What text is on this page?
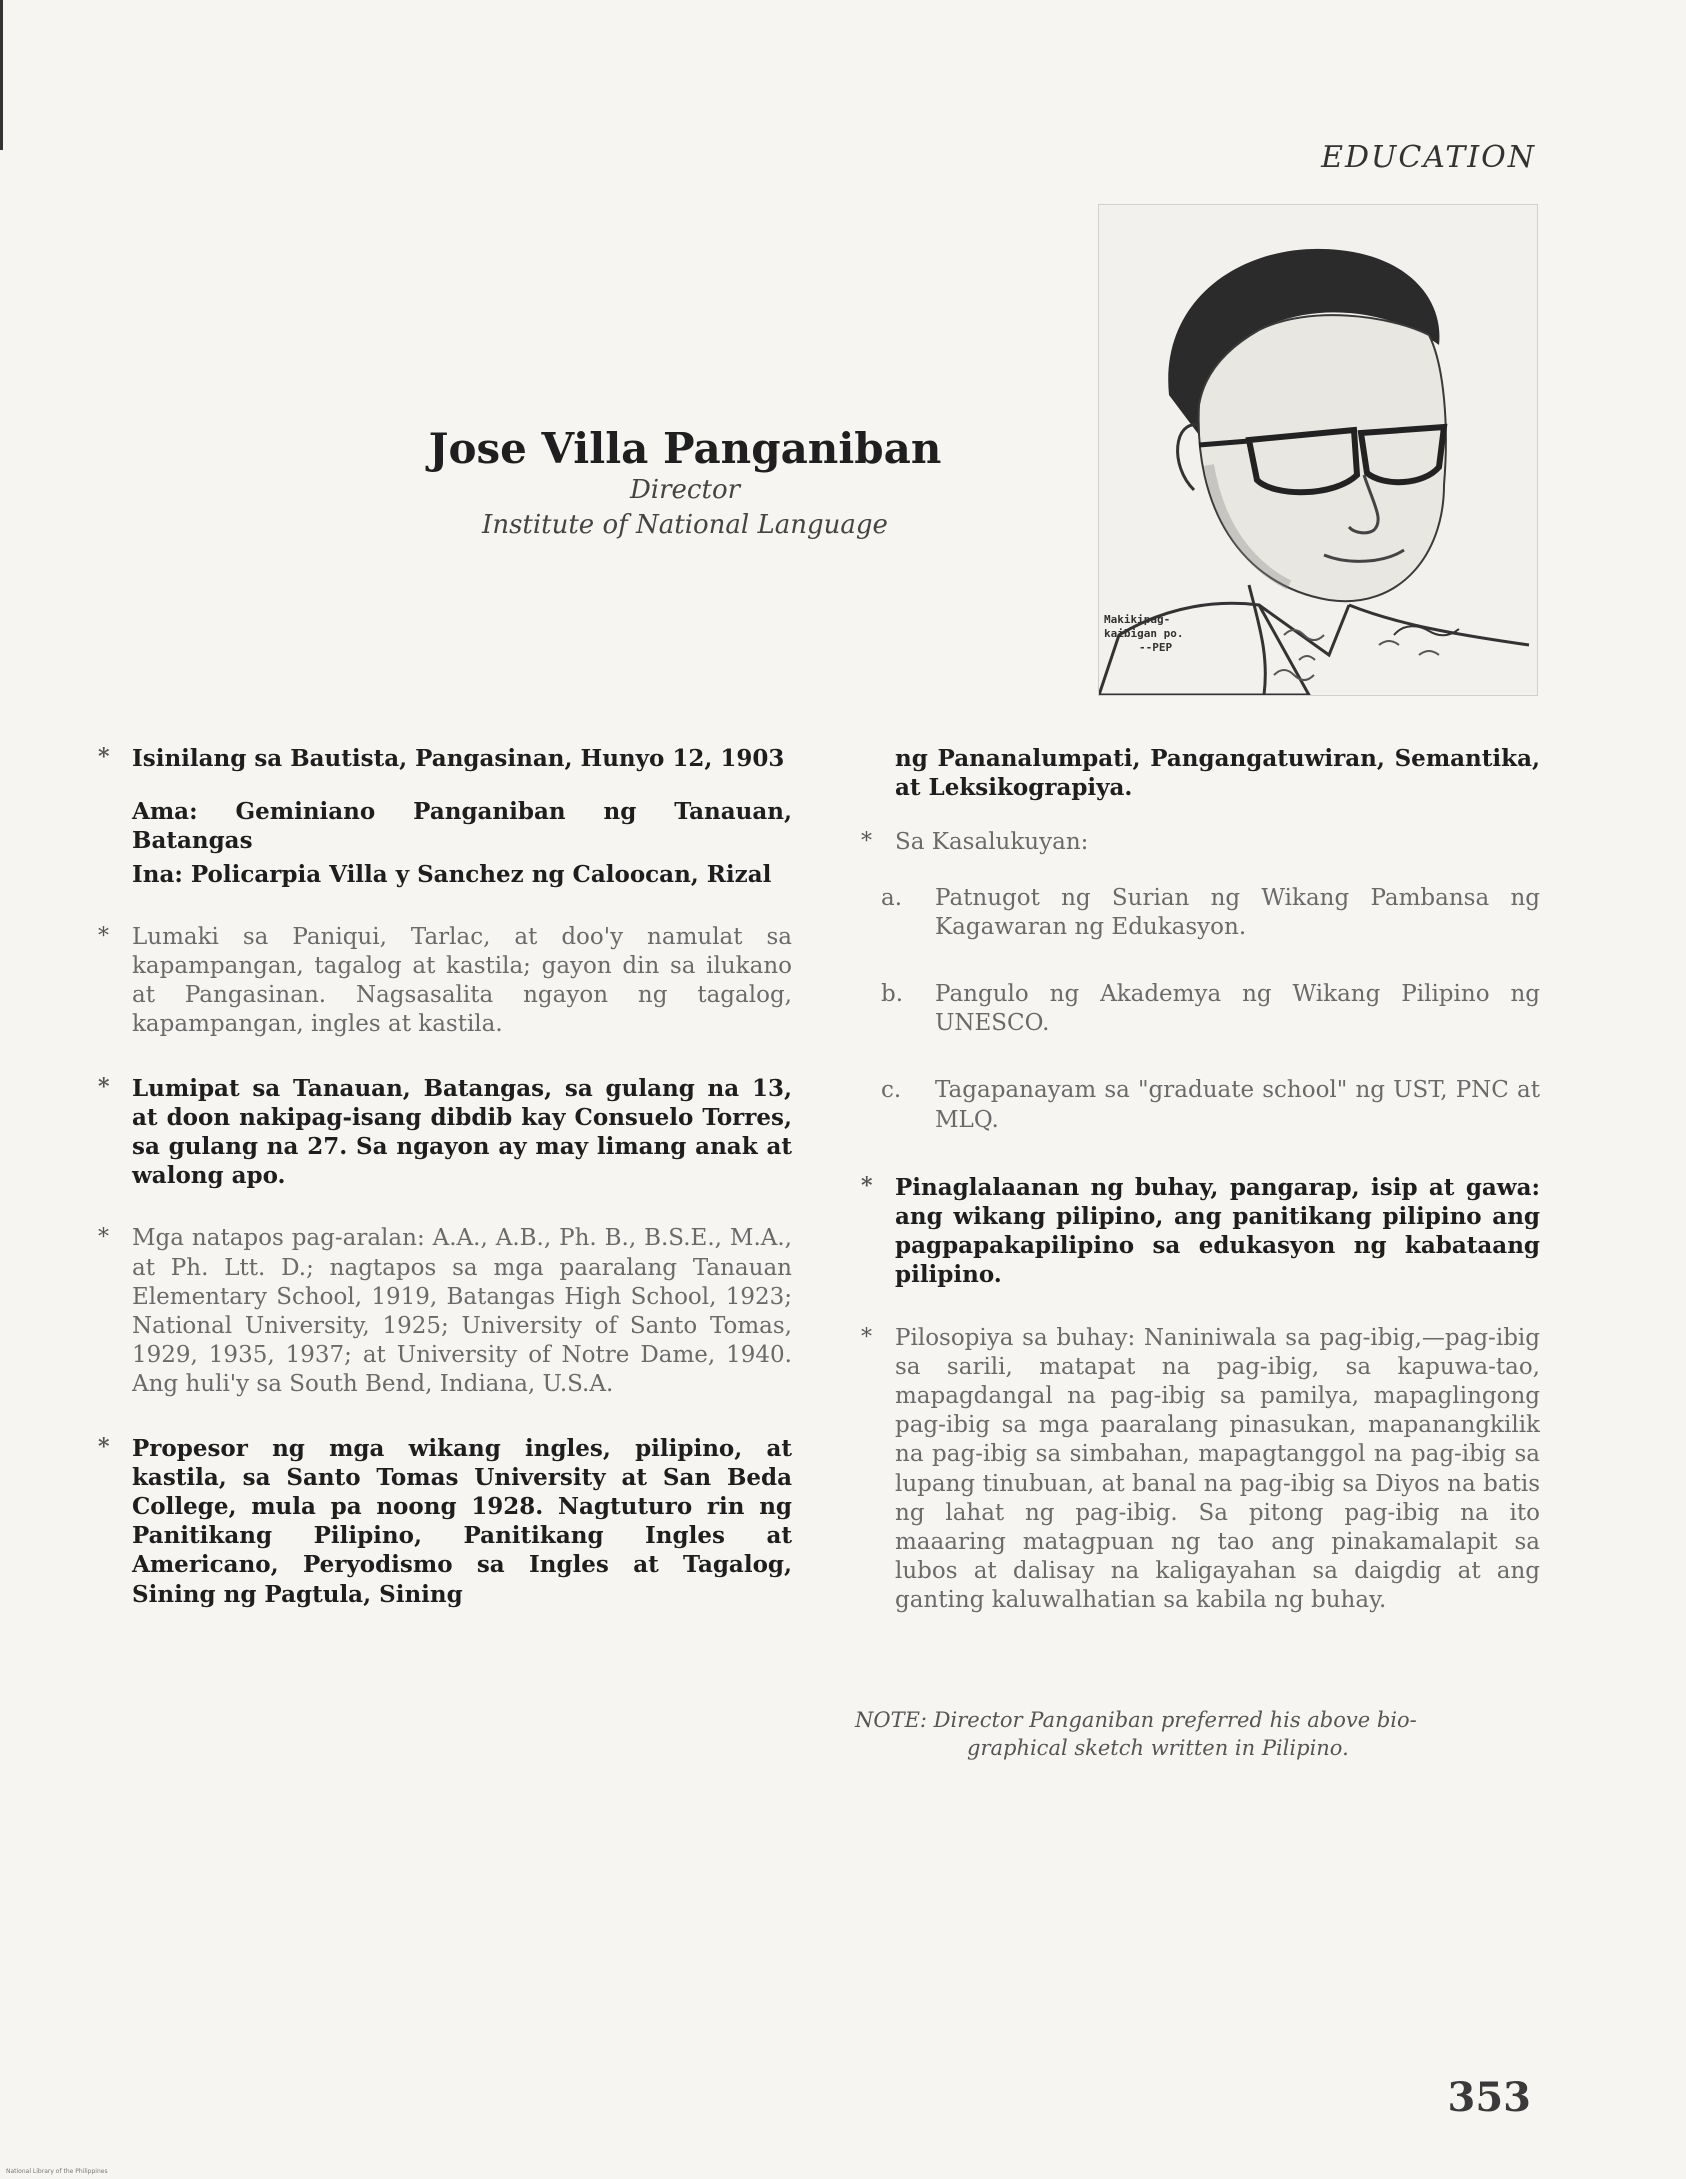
EDUCATION
Makikipag-
kaibigan po.
--PEP

Jose Villa Panganiban

Director
Institute of National Language

* Isinilang sa Bautista, Pangasinan, Hunyo 12, 1903

Ama: Geminiano Panganiban ng Tanauan, Batangas

Ina: Policarpia Villa y Sanchez ng Caloocan, Rizal

* Lumaki sa Paniqui, Tarlac, at doo'y namulat sa kapampangan, tagalog at kastila; gayon din sa ilukano at Pangasinan. Nagsasalita ngayon ng tagalog, kapampangan, ingles at kastila.

* Lumipat sa Tanauan, Batangas, sa gulang na 13, at doon nakipag-isang dibdib kay Consuelo Torres, sa gulang na 27. Sa ngayon ay may limang anak at walong apo.

* Mga natapos pag-aralan: A.A., A.B., Ph. B., B.S.E., M.A., at Ph. Ltt. D.; nagtapos sa mga paaralang Tanauan Elementary School, 1919, Batangas High School, 1923; National University, 1925; University of Santo Tomas, 1929, 1935, 1937; at University of Notre Dame, 1940. Ang huli'y sa South Bend, Indiana, U.S.A.

* Propesor ng mga wikang ingles, pilipino, at kastila, sa Santo Tomas University at San Beda College, mula pa noong 1928. Nagtuturo rin ng Panitikang Pilipino, Panitikang Ingles at Americano, Peryodismo sa Ingles at Tagalog, Sining ng Pagtula, Sining

ng Pananalumpati, Pangangatuwiran, Semantika, at Leksikograpiya.

* Sa Kasalukuyan:

a. Patnugot ng Surian ng Wikang Pambansa ng Kagawaran ng Edukasyon.
b. Pangulo ng Akademya ng Wikang Pilipino ng UNESCO.
c. Tagapanayam sa "graduate school" ng UST, PNC at MLQ.

* Pinaglalaanan ng buhay, pangarap, isip at gawa: ang wikang pilipino, ang panitikang pilipino ang pagpapakapilipino sa edukasyon ng kabataang pilipino.

* Pilosopiya sa buhay: Naniniwala sa pag-ibig,—pag-ibig sa sarili, matapat na pag-ibig, sa kapuwa-tao, mapagdangal na pag-ibig sa pamilya, mapaglingong pag-ibig sa mga paaralang pinasukan, mapanangkilik na pag-ibig sa simbahan, mapagtanggol na pag-ibig sa lupang tinubuan, at banal na pag-ibig sa Diyos na batis ng lahat ng pag-ibig. Sa pitong pag-ibig na ito maaaring matagpuan ng tao ang pinakamalapit sa lubos at dalisay na kaligayahan sa daigdig at ang ganting kaluwalhatian sa kabila ng buhay.

NOTE: Director Panganiban preferred his above bio-
graphical sketch written in Pilipino.
353
National Library of the Philippines
